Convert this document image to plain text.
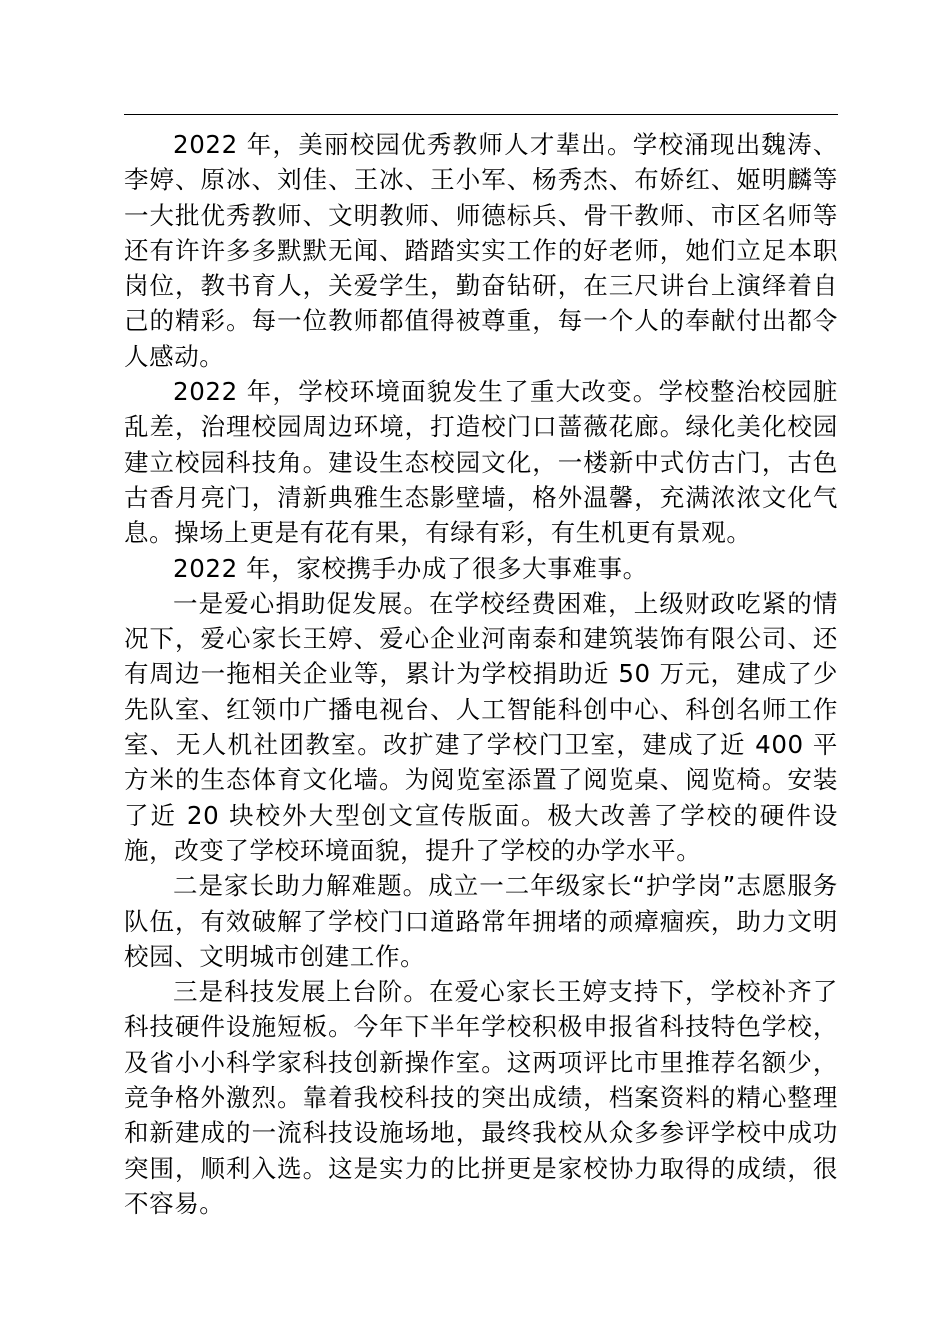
2022 年，美丽校园优秀教师人才辈出。学校涌现出魏涛、李婷、原冰、刘佳、王冰、王小军、杨秀杰、布娇红、姬明麟等一大批优秀教师、文明教师、师德标兵、骨干教师、市区名师等还有许许多多默默无闻、踏踏实实工作的好老师，她们立足本职岗位，教书育人，关爱学生，勤奋钻研，在三尺讲台上演绎着自己的精彩。每一位教师都值得被尊重，每一个人的奉献付出都令人感动。

2022 年，学校环境面貌发生了重大改变。学校整治校园脏乱差，治理校园周边环境，打造校门口蔷薇花廊。绿化美化校园建立校园科技角。建设生态校园文化，一楼新中式仿古门，古色古香月亮门，清新典雅生态影壁墙，格外温馨，充满浓浓文化气息。操场上更是有花有果，有绿有彩，有生机更有景观。

2022 年，家校携手办成了很多大事难事。

一是爱心捐助促发展。在学校经费困难，上级财政吃紧的情况下，爱心家长王婷、爱心企业河南泰和建筑装饰有限公司、还有周边一拖相关企业等，累计为学校捐助近 50 万元，建成了少先队室、红领巾广播电视台、人工智能科创中心、科创名师工作室、无人机社团教室。改扩建了学校门卫室，建成了近 400 平方米的生态体育文化墙。为阅览室添置了阅览桌、阅览椅。安装了近 20 块校外大型创文宣传版面。极大改善了学校的硬件设施，改变了学校环境面貌，提升了学校的办学水平。

二是家长助力解难题。成立一二年级家长“护学岗”志愿服务队伍，有效破解了学校门口道路常年拥堵的顽瘴痼疾，助力文明校园、文明城市创建工作。

三是科技发展上台阶。在爱心家长王婷支持下，学校补齐了科技硬件设施短板。今年下半年学校积极申报省科技特色学校，及省小小科学家科技创新操作室。这两项评比市里推荐名额少，竞争格外激烈。靠着我校科技的突出成绩，档案资料的精心整理和新建成的一流科技设施场地，最终我校从众多参评学校中成功突围，顺利入选。这是实力的比拼更是家校协力取得的成绩，很不容易。
